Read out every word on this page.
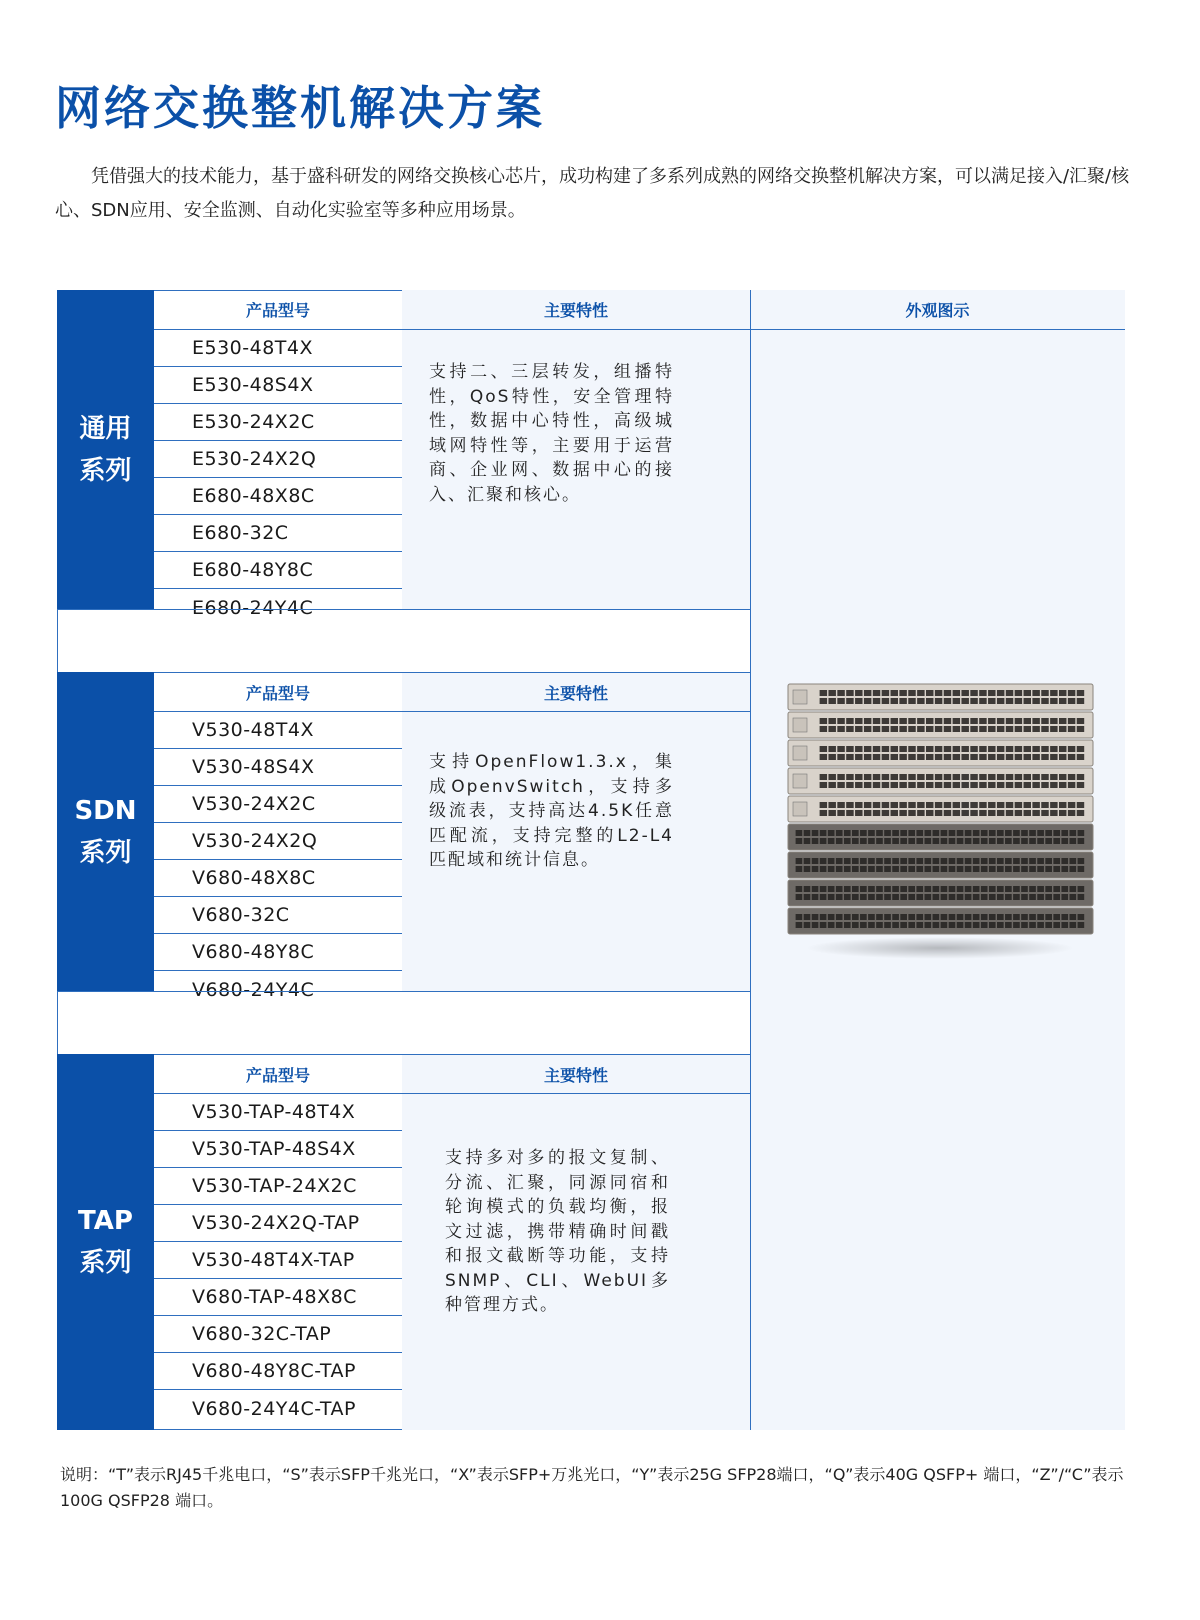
网络交换整机解决方案

凭借强大的技术能力，基于盛科研发的网络交换核心芯片，成功构建了多系列成熟的网络交换整机解决方案，可以满足接入/汇聚/核心、SDN应用、安全监测、自动化实验室等多种应用场景。

外观图示
通用
系列
产品型号	主要特性
E530-48T4X
E530-48S4X
E530-24X2C
E530-24X2Q
E680-48X8C
E680-32C
E680-48Y8C
E680-24Y4C
支持二、三层转发，组播特性，QoS特性，安全管理特性，数据中心特性，高级城域网特性等，主要用于运营商、企业网、数据中心的接入、汇聚和核心。
SDN
系列
产品型号	主要特性
V530-48T4X
V530-48S4X
V530-24X2C
V530-24X2Q
V680-48X8C
V680-32C
V680-48Y8C
V680-24Y4C
支持OpenFlow1.3.x，集成OpenvSwitch，支持多级流表，支持高达4.5K任意匹配流，支持完整的L2-L4匹配域和统计信息。
TAP
系列
产品型号	主要特性
V530-TAP-48T4X
V530-TAP-48S4X
V530-TAP-24X2C
V530-24X2Q-TAP
V530-48T4X-TAP
V680-TAP-48X8C
V680-32C-TAP
V680-48Y8C-TAP
V680-24Y4C-TAP
支持多对多的报文复制、分流、汇聚，同源同宿和轮询模式的负载均衡，报文过滤，携带精确时间戳和报文截断等功能，支持SNMP、CLI、WebUI多种管理方式。

说明：“T”表示RJ45千兆电口，“S”表示SFP千兆光口，“X”表示SFP+万兆光口，“Y”表示25G SFP28端口，“Q”表示40G QSFP+ 端口，“Z”/“C”表示100G QSFP28 端口。
